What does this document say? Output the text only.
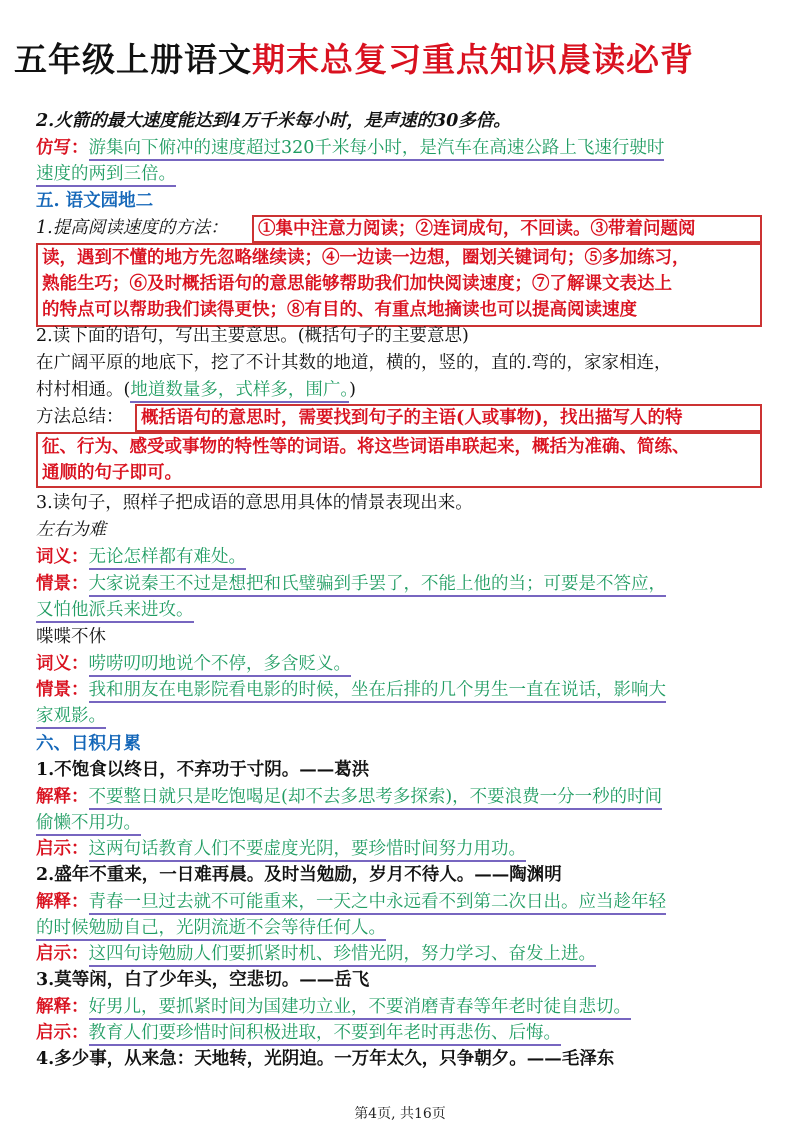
五年级上册语文期末总复习重点知识晨读必背
2.火箭的最大速度能达到4万千米每小时，是声速的30多倍。
仿写：游集向下俯冲的速度超过320千米每小时，是汽车在高速公路上飞速行驶时
速度的两到三倍。
五. 语文园地二
1.提高阅读速度的方法：	①集中注意力阅读；②连词成句，不回读。③带着问题阅
读，遇到不懂的地方先忽略继续读；④一边读一边想，圈划关键词句；⑤多加练习，
熟能生巧；⑥及时概括语句的意思能够帮助我们加快阅读速度；⑦了解课文表达上
的特点可以帮助我们读得更快；⑧有目的、有重点地摘读也可以提高阅读速度
2.读下面的语句，写出主要意思。(概括句子的主要意思)
在广阔平原的地底下，挖了不计其数的地道，横的，竖的，直的.弯的，家家相连，
村村相通。(地道数量多，式样多，围广。)
方法总结：	概括语句的意思时，需要找到句子的主语(人或事物)，找出描写人的特
征、行为、感受或事物的特性等的词语。将这些词语串联起来，概括为准确、简练、
通顺的句子即可。
3.读句子，照样子把成语的意思用具体的情景表现出来。
左右为难
词义：无论怎样都有难处。
情景：大家说秦王不过是想把和氏璧骗到手罢了，不能上他的当；可要是不答应，
又怕他派兵来进攻。
喋喋不休
词义：唠唠叨叨地说个不停，多含贬义。
情景：我和朋友在电影院看电影的时候，坐在后排的几个男生一直在说话，影响大
家观影。
六、日积月累
1.不饱食以终日，不弃功于寸阴。——葛洪
解释：不要整日就只是吃饱喝足(却不去多思考多探索)，不要浪费一分一秒的时间
偷懒不用功。
启示：这两句话教育人们不要虚度光阴，要珍惜时间努力用功。
2.盛年不重来，一日难再晨。及时当勉励，岁月不待人。——陶渊明
解释：青春一旦过去就不可能重来，一天之中永远看不到第二次日出。应当趁年轻
的时候勉励自己，光阴流逝不会等待任何人。
启示：这四句诗勉励人们要抓紧时机、珍惜光阴，努力学习、奋发上进。
3.莫等闲，白了少年头，空悲切。——岳飞
解释：好男儿，要抓紧时间为国建功立业，不要消磨青春等年老时徒自悲切。
启示：教育人们要珍惜时间积极进取，不要到年老时再悲伤、后悔。
4.多少事，从来急：天地转，光阴迫。一万年太久，只争朝夕。——毛泽东
第4页, 共16页
